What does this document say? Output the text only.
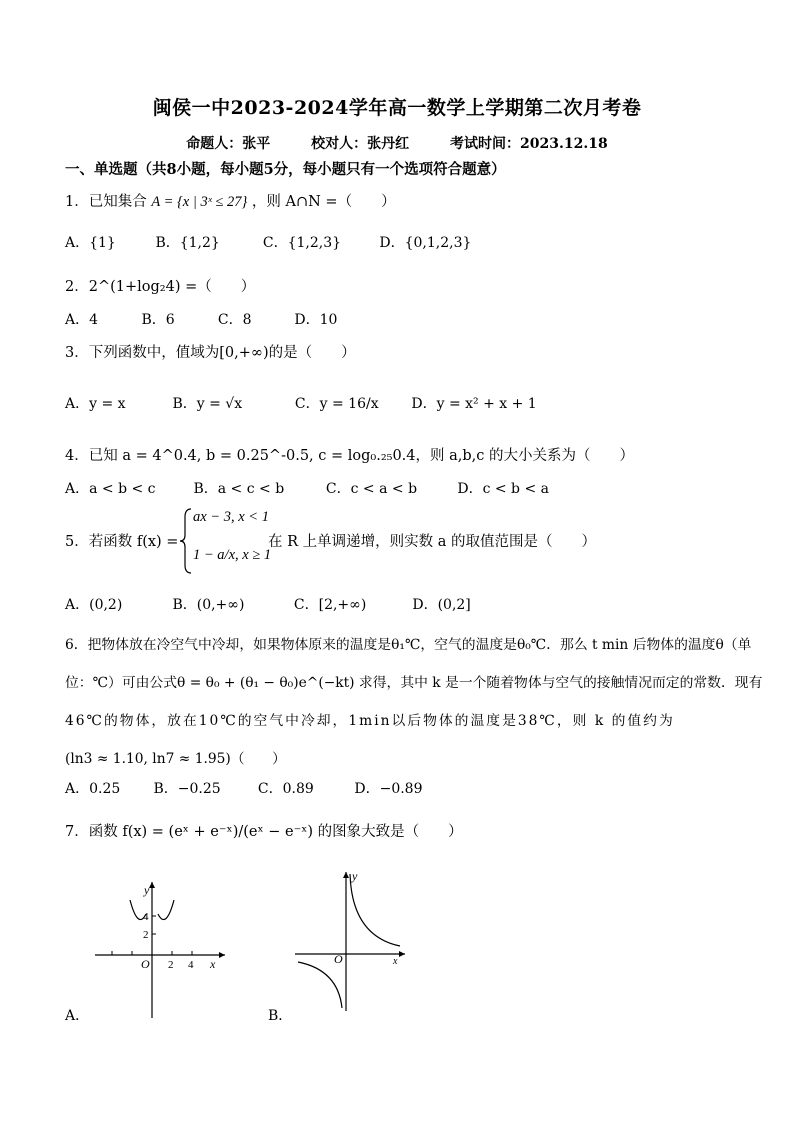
闽侯一中2023-2024学年高一数学上学期第二次月考卷
命题人：张平	校对人：张丹红	考试时间：2023.12.18
一、单选题（共8小题，每小题5分，每小题只有一个选项符合题意）
1．已知集合 A = {x | 3ˣ ≤ 27} ，则 A∩N =（　　）
A．{1}	B．{1,2}	C．{1,2,3}	D．{0,1,2,3}
2．2^(1+log₂4) =（　　）
A．4	B．6	C．8	D．10
3．下列函数中，值域为[0,+∞)的是（　　）
A．y = x	B．y = √x	C．y = 16/x D．y = x² + x + 1
4．已知 a = 4^0.4, b = 0.25^-0.5, c = log₀.₂₅0.4，则 a,b,c 的大小关系为（　　）
A．a < b < c	B．a < c < b	C．c < a < b	D．c < b < a
5．若函数 f(x) =
ax − 3, x < 1
1 − a/x, x ≥ 1
在 R 上单调递增，则实数 a 的取值范围是（　　）
A．(0,2)	B．(0,+∞)	C．[2,+∞)	D．(0,2]
6．把物体放在冷空气中冷却，如果物体原来的温度是θ₁℃，空气的温度是θ₀℃．那么 t min 后物体的温度θ（单
位：℃）可由公式θ = θ₀ + (θ₁ − θ₀)e^(−kt) 求得，其中 k 是一个随着物体与空气的接触情况而定的常数．现有
46℃的物体，放在10℃的空气中冷却，1min以后物体的温度是38℃，则 k 的值约为
(ln3 ≈ 1.10, ln7 ≈ 1.95)（　　）
A．0.25 B．−0.25	C．0.89	D．−0.89
7．函数 f(x) = (eˣ + e⁻ˣ)/(eˣ − e⁻ˣ) 的图象大致是（　　）
y
x
O 2 4
4
2
A．
y
x
O
B．
